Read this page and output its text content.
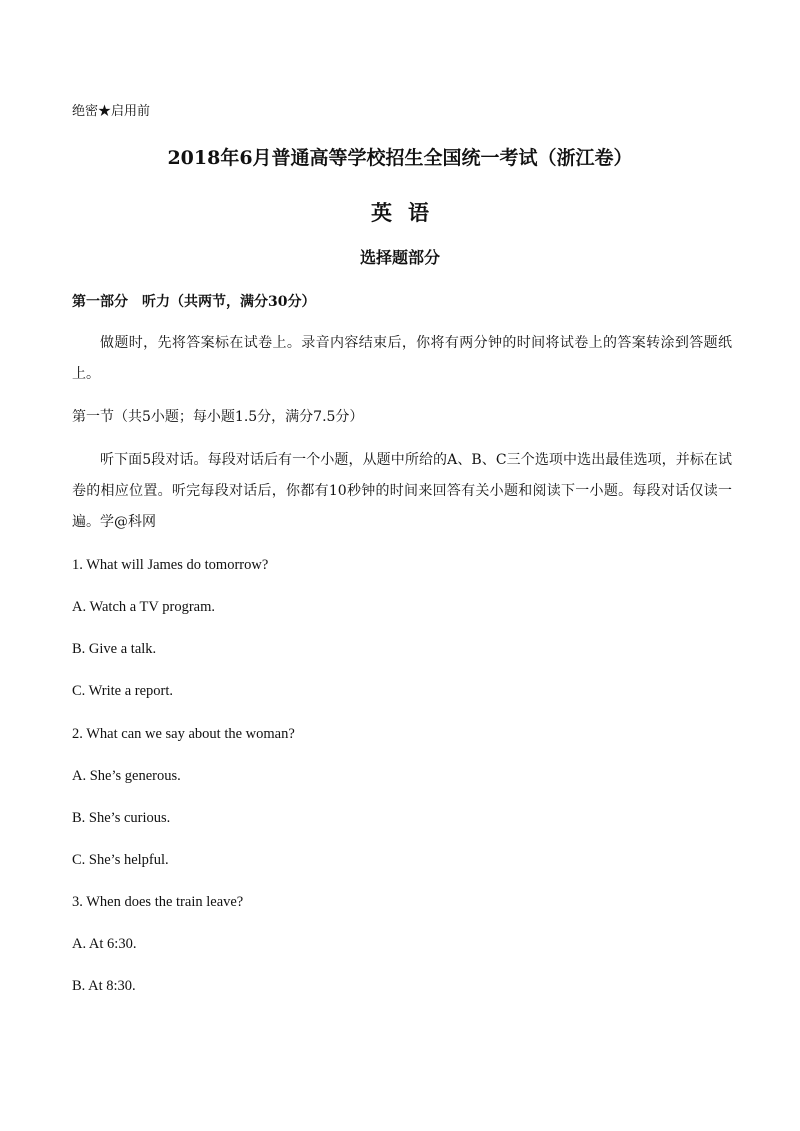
绝密★启用前
2018年6月普通高等学校招生全国统一考试（浙江卷）
英语
选择题部分
第一部分　听力（共两节，满分30分）
做题时，先将答案标在试卷上。录音内容结束后，你将有两分钟的时间将试卷上的答案转涂到答题纸上。
第一节（共5小题；每小题1.5分，满分7.5分）
听下面5段对话。每段对话后有一个小题，从题中所给的A、B、C三个选项中选出最佳选项，并标在试卷的相应位置。听完每段对话后，你都有10秒钟的时间来回答有关小题和阅读下一小题。每段对话仅读一遍。学@科网
1. What will James do tomorrow?
A. Watch a TV program.
B. Give a talk.
C. Write a report.
2. What can we say about the woman?
A. She’s generous.
B. She’s curious.
C. She’s helpful.
3. When does the train leave?
A. At 6:30.
B. At 8:30.
